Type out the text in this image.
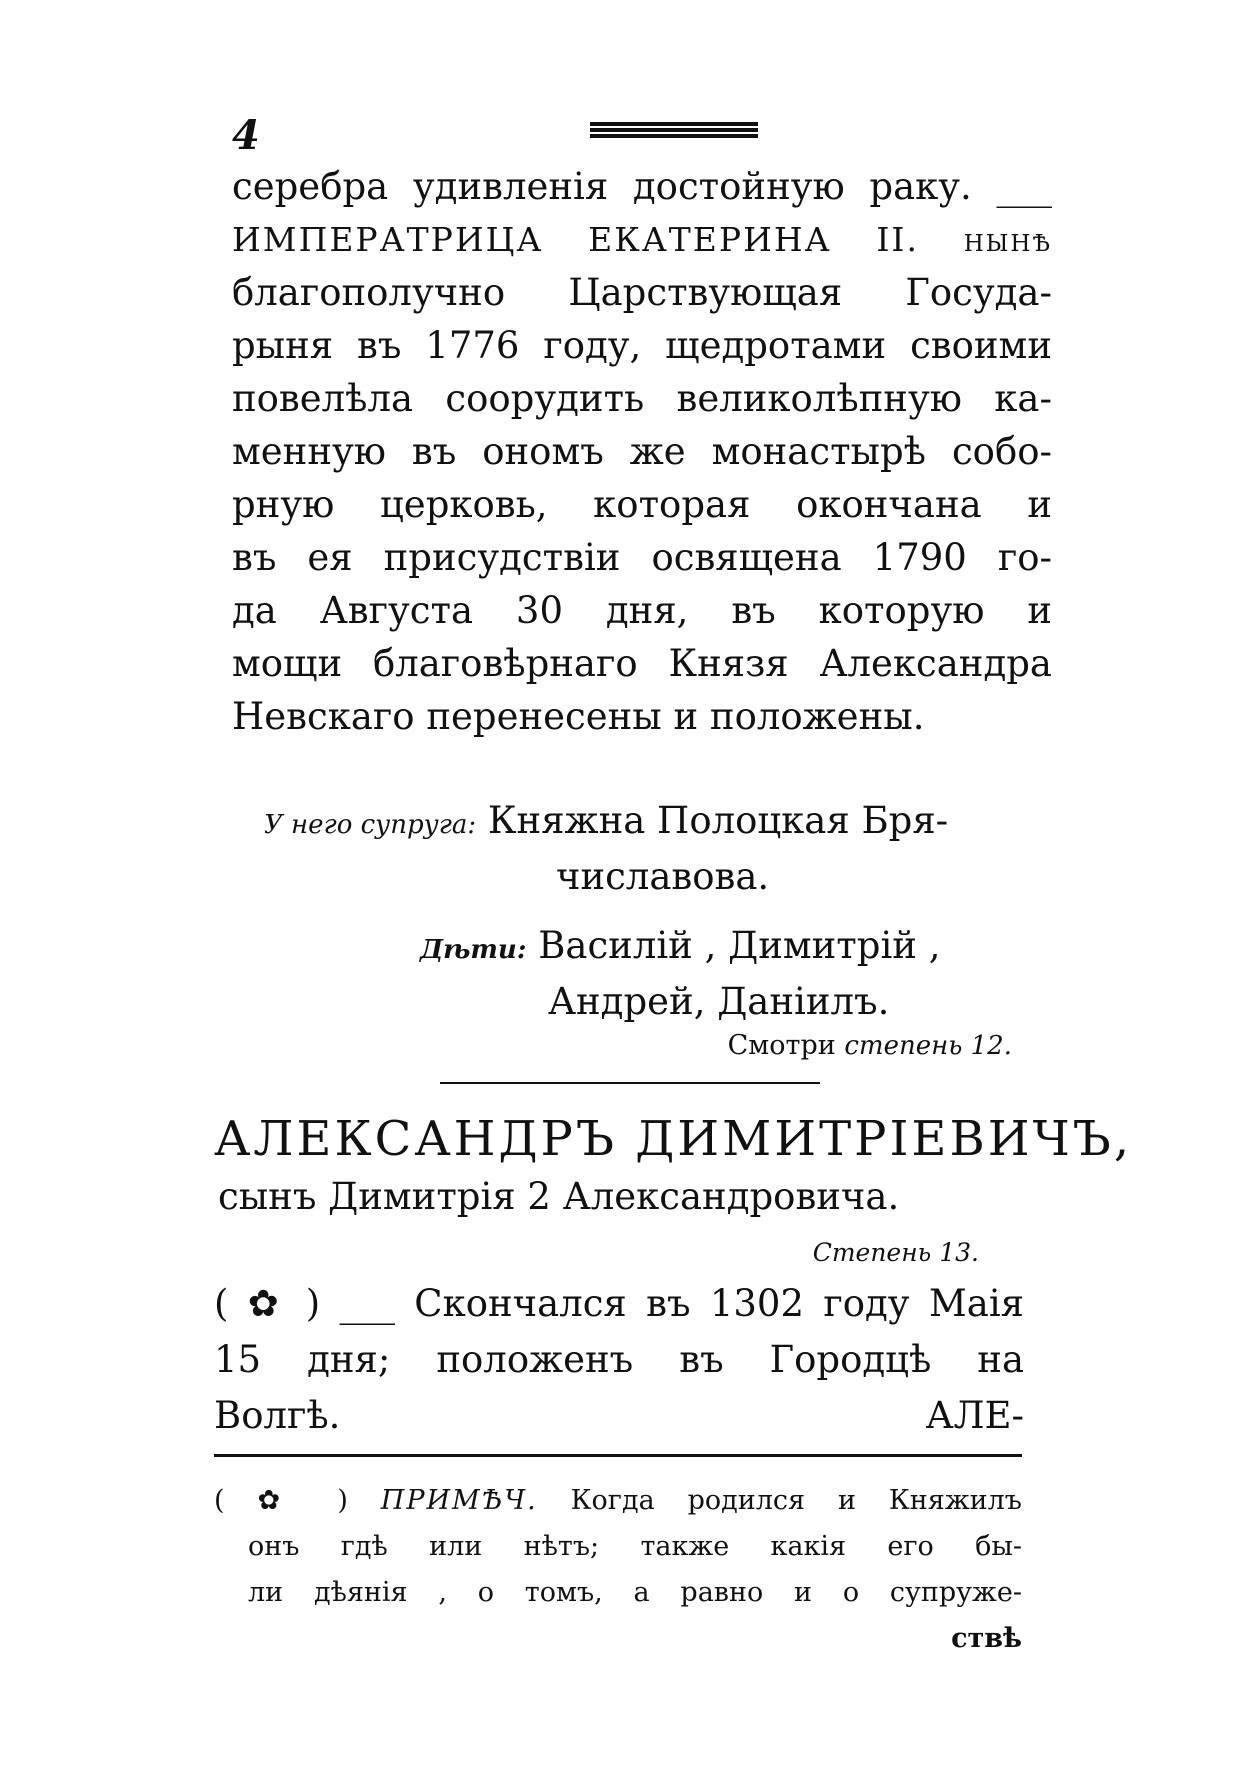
4
серебра удивленія достойную раку. ___
ИМПЕРАТРИЦА ЕКАТЕРИНА II. нынѣ
благополучно Царствующая Госуда-
рыня въ 1776 году, щедротами своими
повелѣла соорудить великолѣпную ка-
менную въ ономъ же монастырѣ собо-
рную церковь, которая окончана и
въ ея присудствіи освящена 1790 го-
да Августа 30 дня, въ которую и
мощи благовѣрнаго Князя Александра
Невскаго перенесены и положены.
У него супруга: Княжна Полоцкая Бря-
числавова.
Дѣти: Василій , Димитрій ,
Андрей, Даніилъ.
Смотри степень 12.
АЛЕКСАНДРЪ ДИМИТРІЕВИЧЪ,
сынъ Димитрія 2 Александровича.
Степень 13.
( ✿ ) ___ Скончался въ 1302 году Маія
15 дня; положенъ въ Городцѣ на
Волгѣ.                                       АЛЕ-
( ✿ ) ПРИМѢЧ. Когда родился и Княжилъ
онъ гдѣ или нѣтъ; также какія его бы-
ли дѣянія , о томъ, а равно и о супруже-
ствѣ
